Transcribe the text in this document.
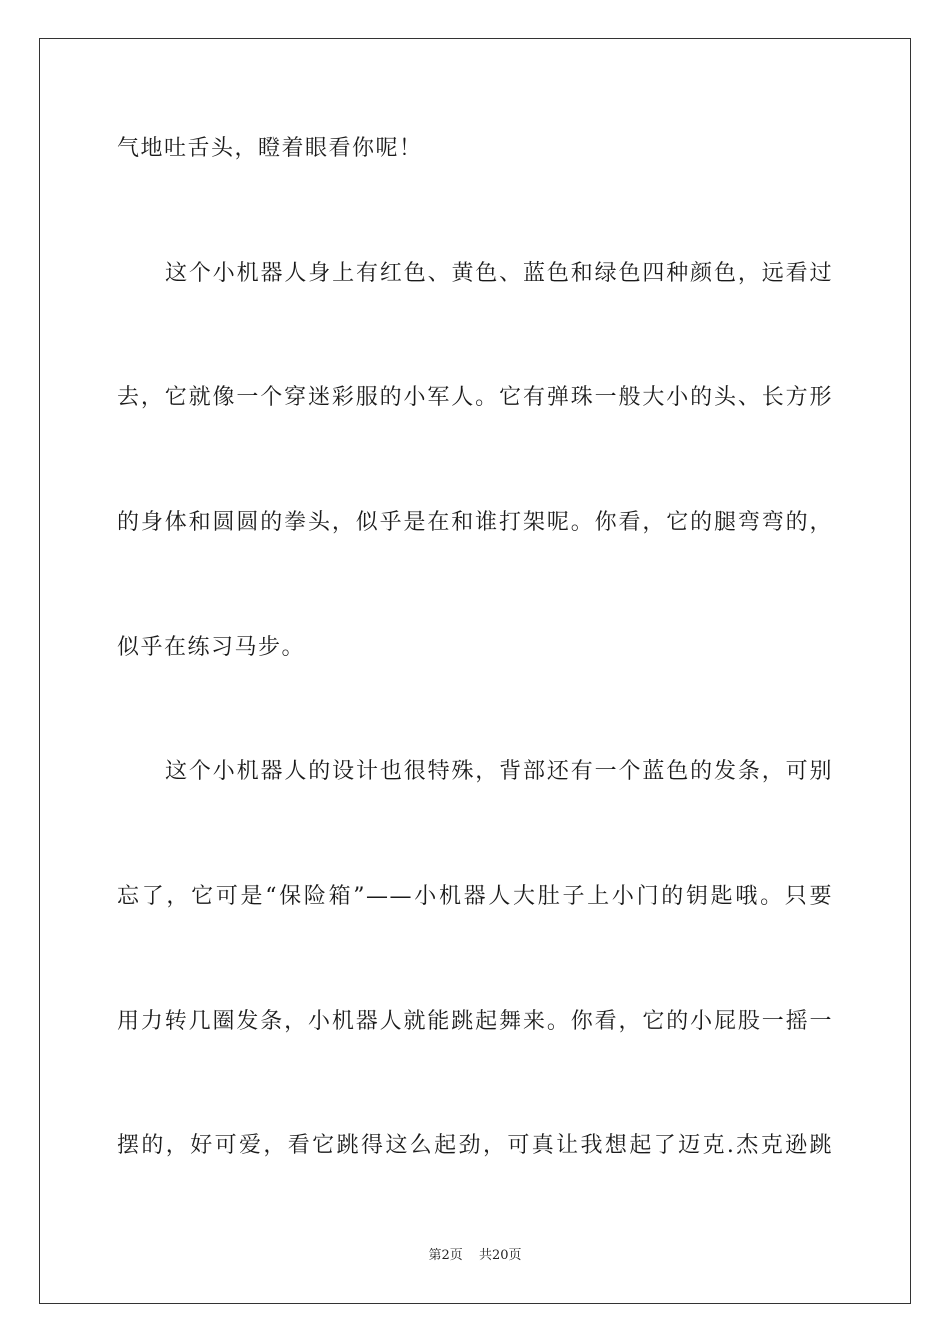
气地吐舌头，瞪着眼看你呢！
这个小机器人身上有红色、黄色、蓝色和绿色四种颜色，远看过
去，它就像一个穿迷彩服的小军人。它有弹珠一般大小的头、长方形
的身体和圆圆的拳头，似乎是在和谁打架呢。你看，它的腿弯弯的，
似乎在练习马步。
这个小机器人的设计也很特殊，背部还有一个蓝色的发条，可别
忘了，它可是“保险箱”——小机器人大肚子上小门的钥匙哦。只要
用力转几圈发条，小机器人就能跳起舞来。你看，它的小屁股一摇一
摆的，好可爱，看它跳得这么起劲，可真让我想起了迈克.杰克逊跳
第2页 共20页
